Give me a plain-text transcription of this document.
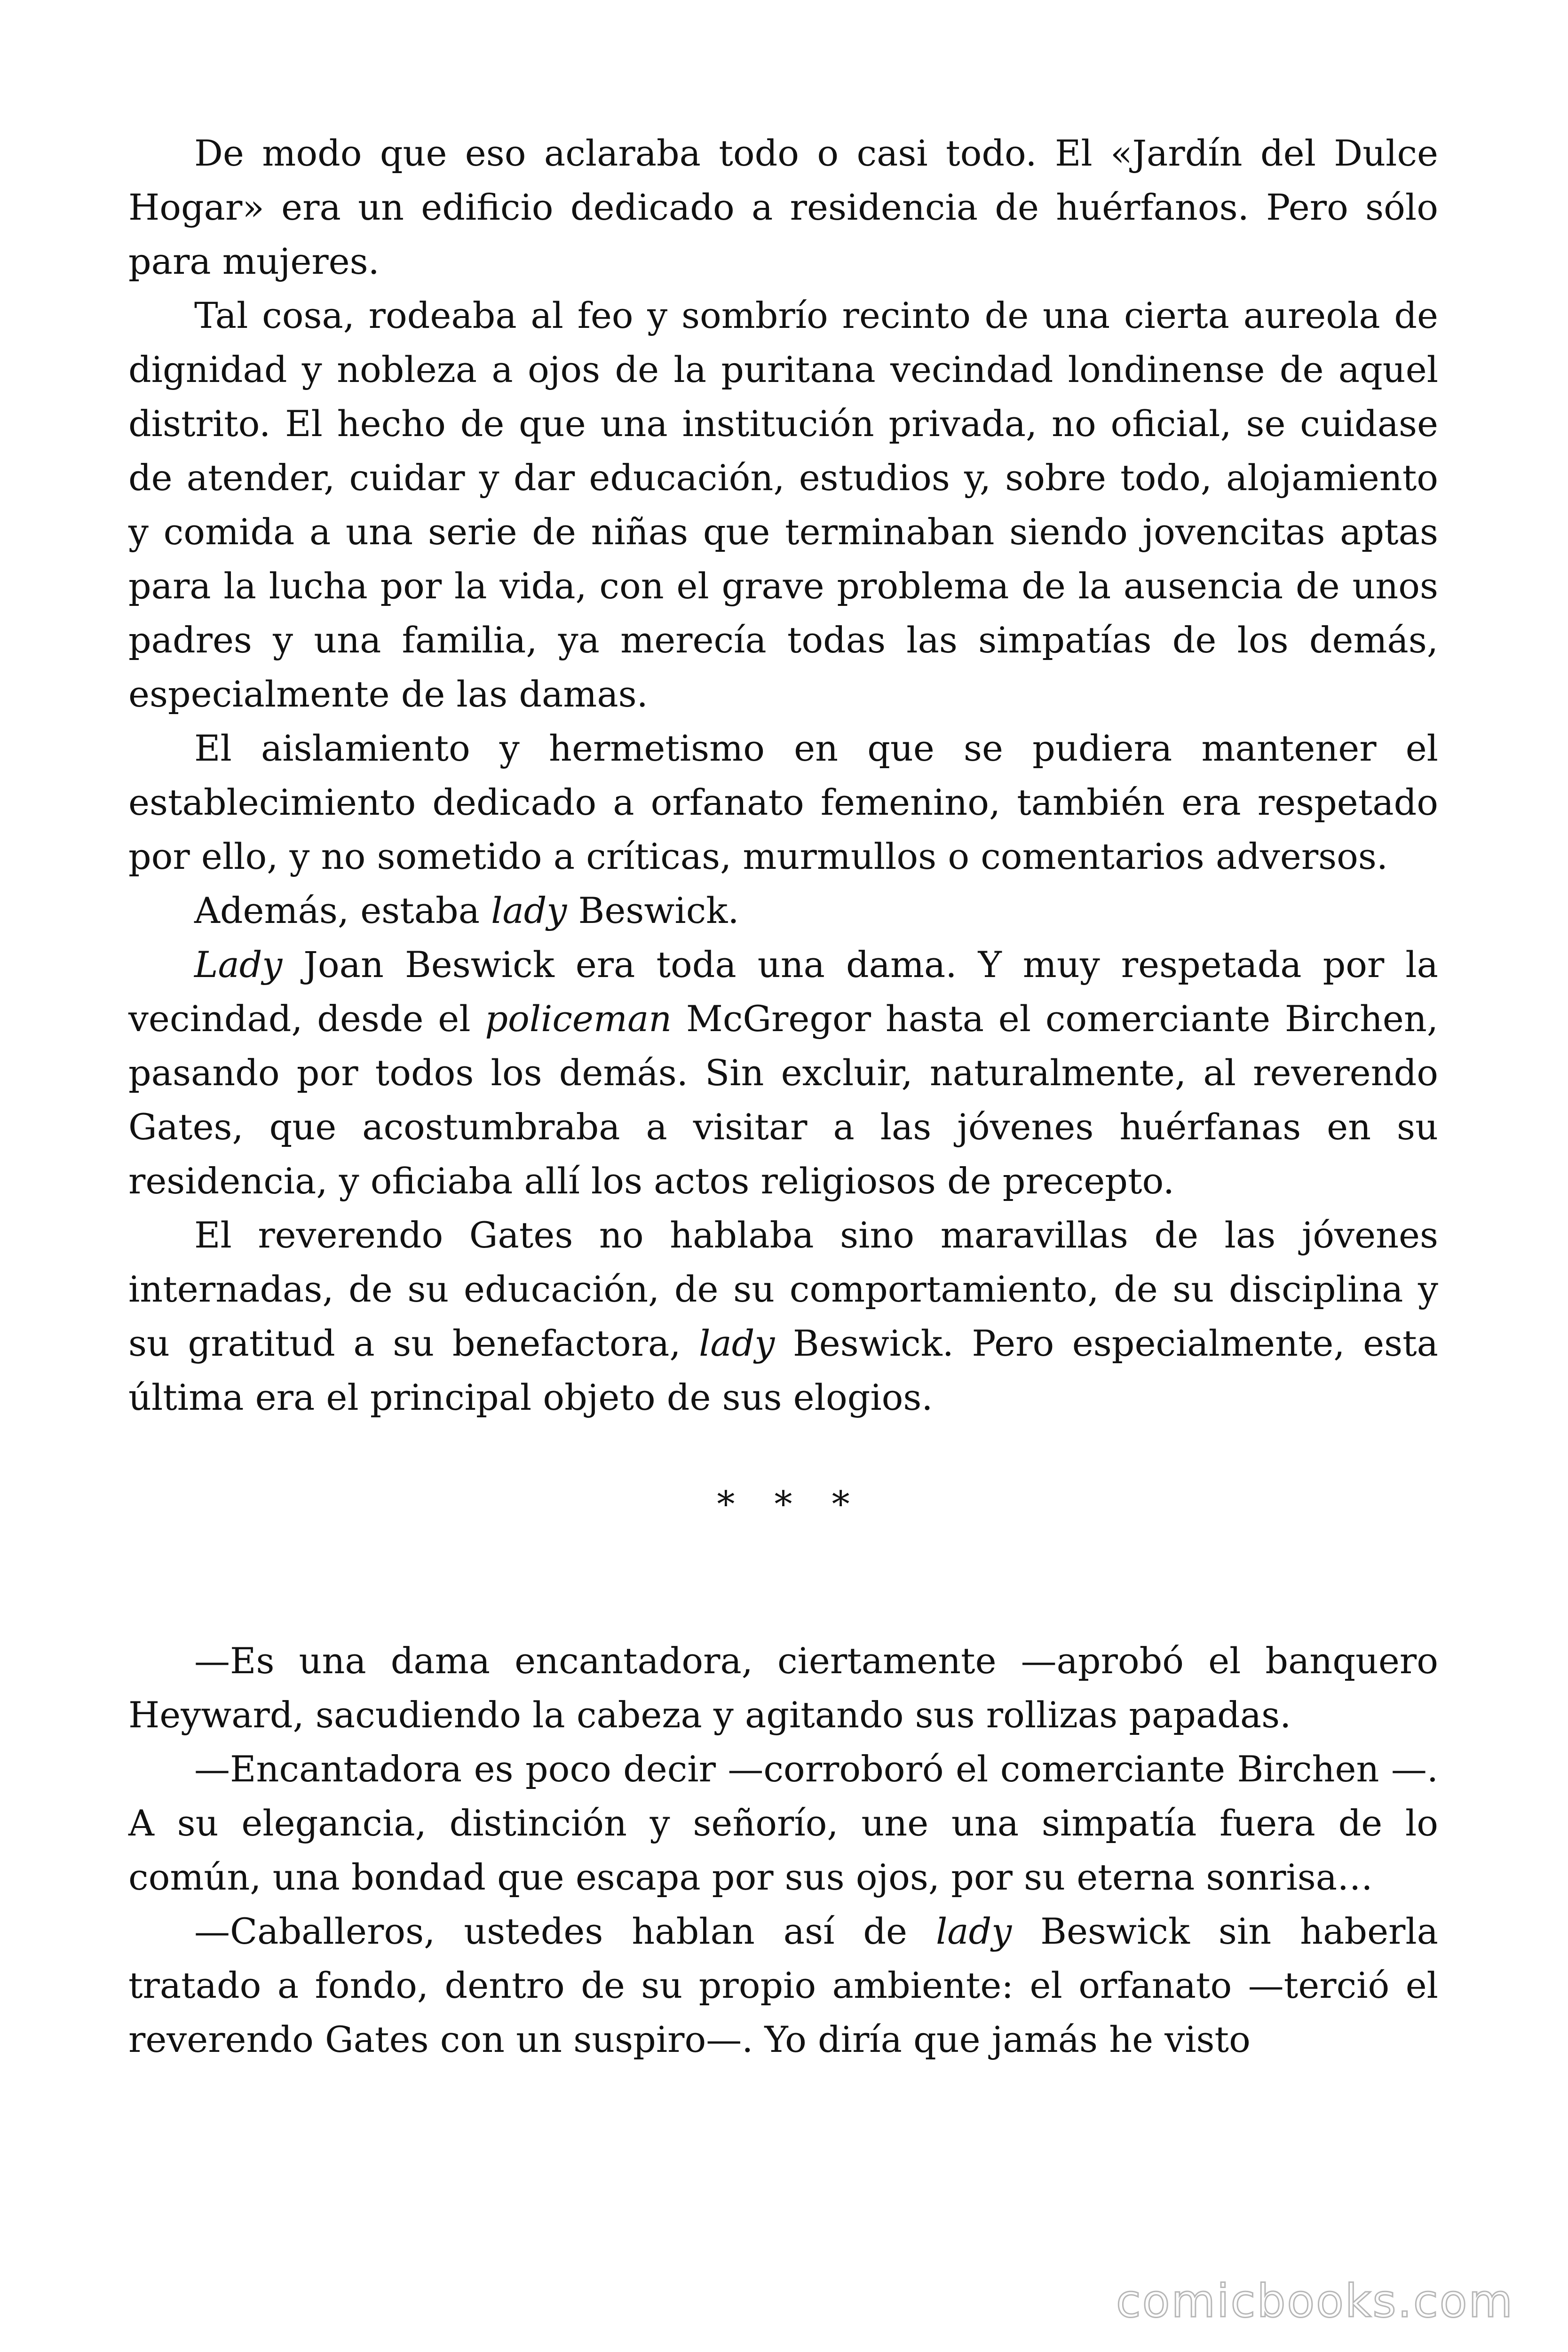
De modo que eso aclaraba todo o casi todo. El «Jardín del Dulce Hogar» era un edificio dedicado a residencia de huérfanos. Pero sólo para mujeres.

Tal cosa, rodeaba al feo y sombrío recinto de una cierta aureola de dignidad y nobleza a ojos de la puritana vecindad londinense de aquel distrito. El hecho de que una institución privada, no oficial, se cuidase de atender, cuidar y dar educación, estudios y, sobre todo, alojamiento y comida a una serie de niñas que terminaban siendo jovencitas aptas para la lucha por la vida, con el grave problema de la ausencia de unos padres y una familia, ya merecía todas las simpatías de los demás, especialmente de las damas.

El aislamiento y hermetismo en que se pudiera mantener el establecimiento dedicado a orfanato femenino, también era respetado por ello, y no sometido a críticas, murmullos o comentarios adversos.

Además, estaba lady Beswick.

Lady Joan Beswick era toda una dama. Y muy respetada por la vecindad, desde el policeman McGregor hasta el comerciante Birchen, pasando por todos los demás. Sin excluir, naturalmente, al reverendo Gates, que acostumbraba a visitar a las jóvenes huérfanas en su residencia, y oficiaba allí los actos religiosos de precepto.

El reverendo Gates no hablaba sino maravillas de las jóvenes internadas, de su educación, de su comportamiento, de su disciplina y su gratitud a su benefactora, lady Beswick. Pero especialmente, esta última era el principal objeto de sus elogios.

* * *

—Es una dama encantadora, ciertamente —aprobó el banquero Heyward, sacudiendo la cabeza y agitando sus rollizas papadas.

—Encantadora es poco decir —corroboró el comerciante Birchen —. A su elegancia, distinción y señorío, une una simpatía fuera de lo común, una bondad que escapa por sus ojos, por su eterna sonrisa…

—Caballeros, ustedes hablan así de lady Beswick sin haberla tratado a fondo, dentro de su propio ambiente: el orfanato —terció el reverendo Gates con un suspiro—. Yo diría que jamás he visto

comicbooks.com
